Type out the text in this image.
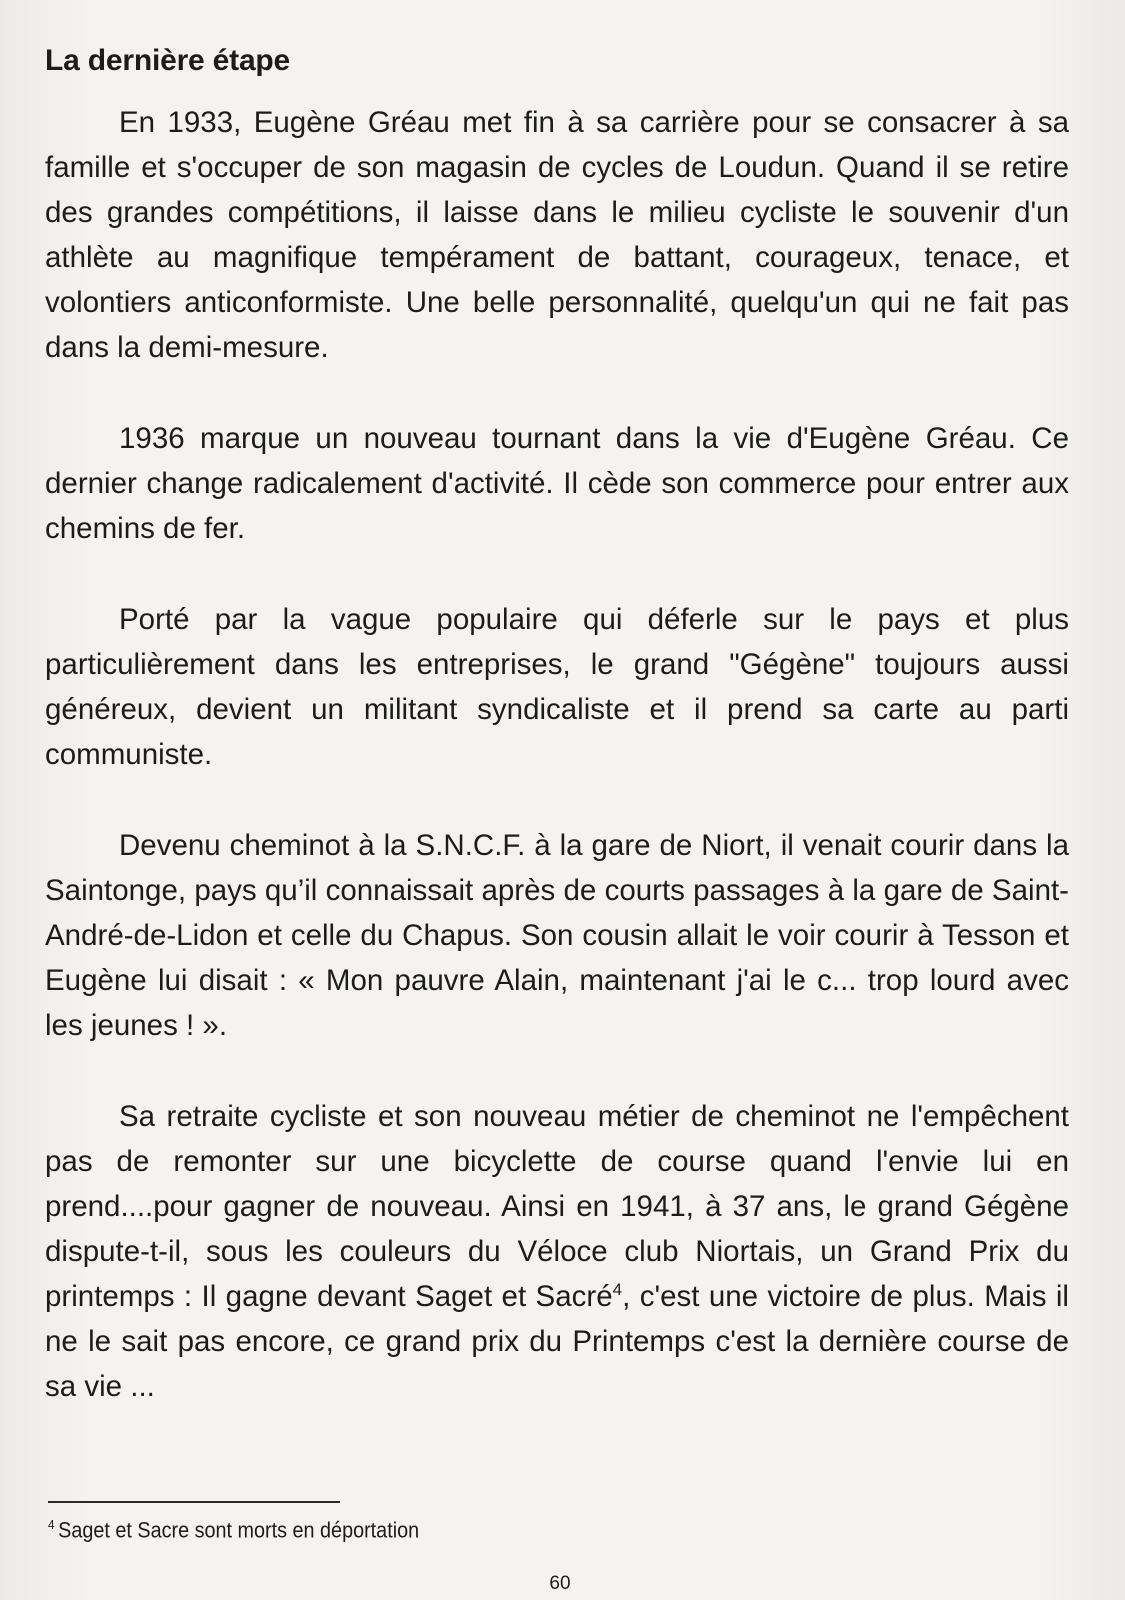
La dernière étape

En 1933, Eugène Gréau met fin à sa carrière pour se consacrer à sa famille et s'occuper de son magasin de cycles de Loudun. Quand il se retire des grandes compétitions, il laisse dans le milieu cycliste le souvenir d'un athlète au magnifique tempérament de battant, courageux, tenace, et volontiers anticonformiste. Une belle personnalité, quelqu'un qui ne fait pas dans la demi-mesure.

1936 marque un nouveau tournant dans la vie d'Eugène Gréau. Ce dernier change radicalement d'activité. Il cède son commerce pour entrer aux chemins de fer.

Porté par la vague populaire qui déferle sur le pays et plus particulièrement dans les entreprises, le grand "Gégène" toujours aussi généreux, devient un militant syndicaliste et il prend sa carte au parti communiste.

Devenu cheminot à la S.N.C.F. à la gare de Niort, il venait courir dans la Saintonge, pays qu’il connaissait après de courts passages à la gare de Saint-André-de-Lidon et celle du Chapus. Son cousin allait le voir courir à Tesson et Eugène lui disait : « Mon pauvre Alain, maintenant j'ai le c... trop lourd avec les jeunes ! ».

Sa retraite cycliste et son nouveau métier de cheminot ne l'empêchent pas de remonter sur une bicyclette de course quand l'envie lui en prend....pour gagner de nouveau. Ainsi en 1941, à 37 ans, le grand Gégène dispute-t-il, sous les couleurs du Véloce club Niortais, un Grand Prix du printemps : Il gagne devant Saget et Sacré$^4$, c'est une victoire de plus. Mais il ne le sait pas encore, ce grand prix du Printemps c'est la dernière course de sa vie ...

$^4$ Saget et Sacre sont morts en déportation
60
